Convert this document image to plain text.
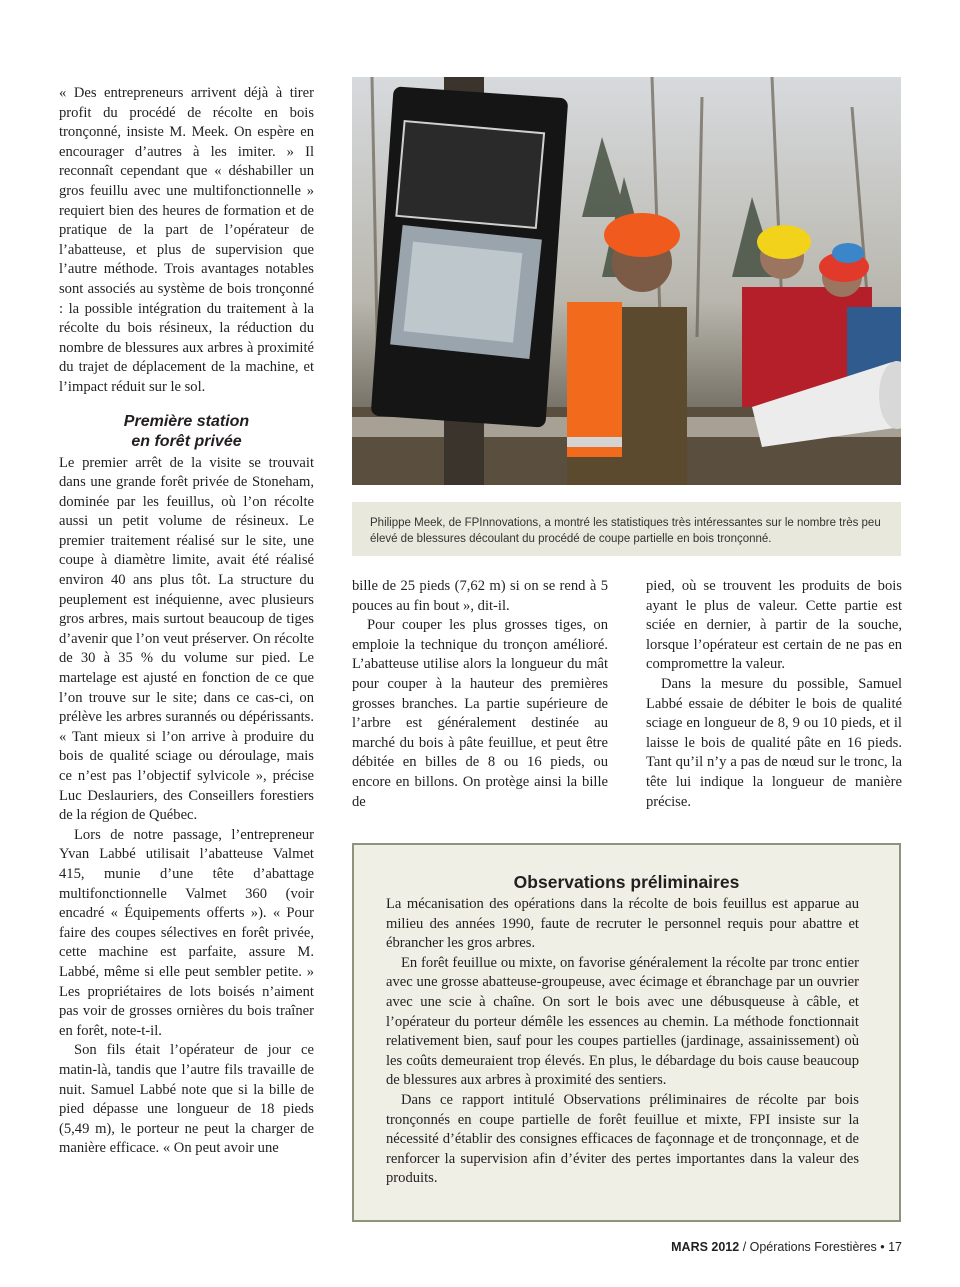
« Des entrepreneurs arrivent déjà à tirer profit du procédé de récolte en bois tronçonné, insiste M. Meek. On espère en encourager d’autres à les imiter. » Il reconnaît cependant que « déshabiller un gros feuillu avec une multifonctionnelle » requiert bien des heures de formation et de pratique de la part de l’opérateur de l’abatteuse, et plus de supervision que l’autre méthode. Trois avantages notables sont associés au système de bois tronçonné : la possible intégration du traitement à la récolte du bois résineux, la réduction du nombre de blessures aux arbres à proximité du trajet de déplacement de la machine, et l’impact réduit sur le sol.

Première station
en forêt privée

Le premier arrêt de la visite se trouvait dans une grande forêt privée de Stoneham, dominée par les feuillus, où l’on récolte aussi un petit volume de résineux. Le premier traitement réalisé sur le site, une coupe à diamètre limite, avait été réalisé environ 40 ans plus tôt. La structure du peuplement est inéquienne, avec plusieurs gros arbres, mais surtout beaucoup de tiges d’avenir que l’on veut préserver. On récolte de 30 à 35 % du volume sur pied. Le martelage est ajusté en fonction de ce que l’on trouve sur le site; dans ce cas-ci, on prélève les arbres surannés ou dépérissants. « Tant mieux si l’on arrive à produire du bois de qualité sciage ou déroulage, mais ce n’est pas l’objectif sylvicole », précise Luc Deslauriers, des Conseillers forestiers de la région de Québec.

Lors de notre passage, l’entrepreneur Yvan Labbé utilisait l’abatteuse Valmet 415, munie d’une tête d’abattage multifonctionnelle Valmet 360 (voir encadré « Équipements offerts »). « Pour faire des coupes sélectives en forêt privée, cette machine est parfaite, assure M. Labbé, même si elle peut sembler petite. » Les propriétaires de lots boisés n’aiment pas voir de grosses ornières du bois traîner en forêt, note-t-il.

Son fils était l’opérateur de jour ce matin-là, tandis que l’autre fils travaille de nuit. Samuel Labbé note que si la bille de pied dépasse une longueur de 18 pieds (5,49 m), le porteur ne peut la charger de manière efficace. « On peut avoir une

Philippe Meek, de FPInnovations, a montré les statistiques très intéressantes sur le nombre très peu élevé de blessures découlant du procédé de coupe partielle en bois tronçonné.

bille de 25 pieds (7,62 m) si on se rend à 5 pouces au fin bout », dit-il.

Pour couper les plus grosses tiges, on emploie la technique du tronçon amélioré. L’abatteuse utilise alors la longueur du mât pour couper à la hauteur des premières grosses branches. La partie supérieure de l’arbre est généralement destinée au marché du bois à pâte feuillue, et peut être débitée en billes de 8 ou 16 pieds, ou encore en billons. On protège ainsi la bille de

pied, où se trouvent les produits de bois ayant le plus de valeur. Cette partie est sciée en dernier, à partir de la souche, lorsque l’opérateur est certain de ne pas en compromettre la valeur.

Dans la mesure du possible, Samuel Labbé essaie de débiter le bois de qualité sciage en longueur de 8, 9 ou 10 pieds, et il laisse le bois de qualité pâte en 16 pieds. Tant qu’il n’y a pas de nœud sur le tronc, la tête lui indique la longueur de manière précise.

Observations préliminaires

La mécanisation des opérations dans la récolte de bois feuillus est apparue au milieu des années 1990, faute de recruter le personnel requis pour abattre et ébrancher les gros arbres.

En forêt feuillue ou mixte, on favorise généralement la récolte par tronc entier avec une grosse abatteuse-groupeuse, avec écimage et ébranchage par un ouvrier avec une scie à chaîne. On sort le bois avec une débusqueuse à câble, et l’opérateur du porteur démêle les essences au chemin. La méthode fonctionnait relativement bien, sauf pour les coupes partielles (jardinage, assainissement) où les coûts demeuraient trop élevés. En plus, le débardage du bois cause beaucoup de blessures aux arbres à proximité des sentiers.

Dans ce rapport intitulé Observations préliminaires de récolte par bois tronçonnés en coupe partielle de forêt feuillue et mixte, FPI insiste sur la nécessité d’établir des consignes efficaces de façonnage et de tronçonnage, et de renforcer la supervision afin d’éviter des pertes importantes dans la valeur des produits.

MARS 2012 / Opérations Forestières • 17
